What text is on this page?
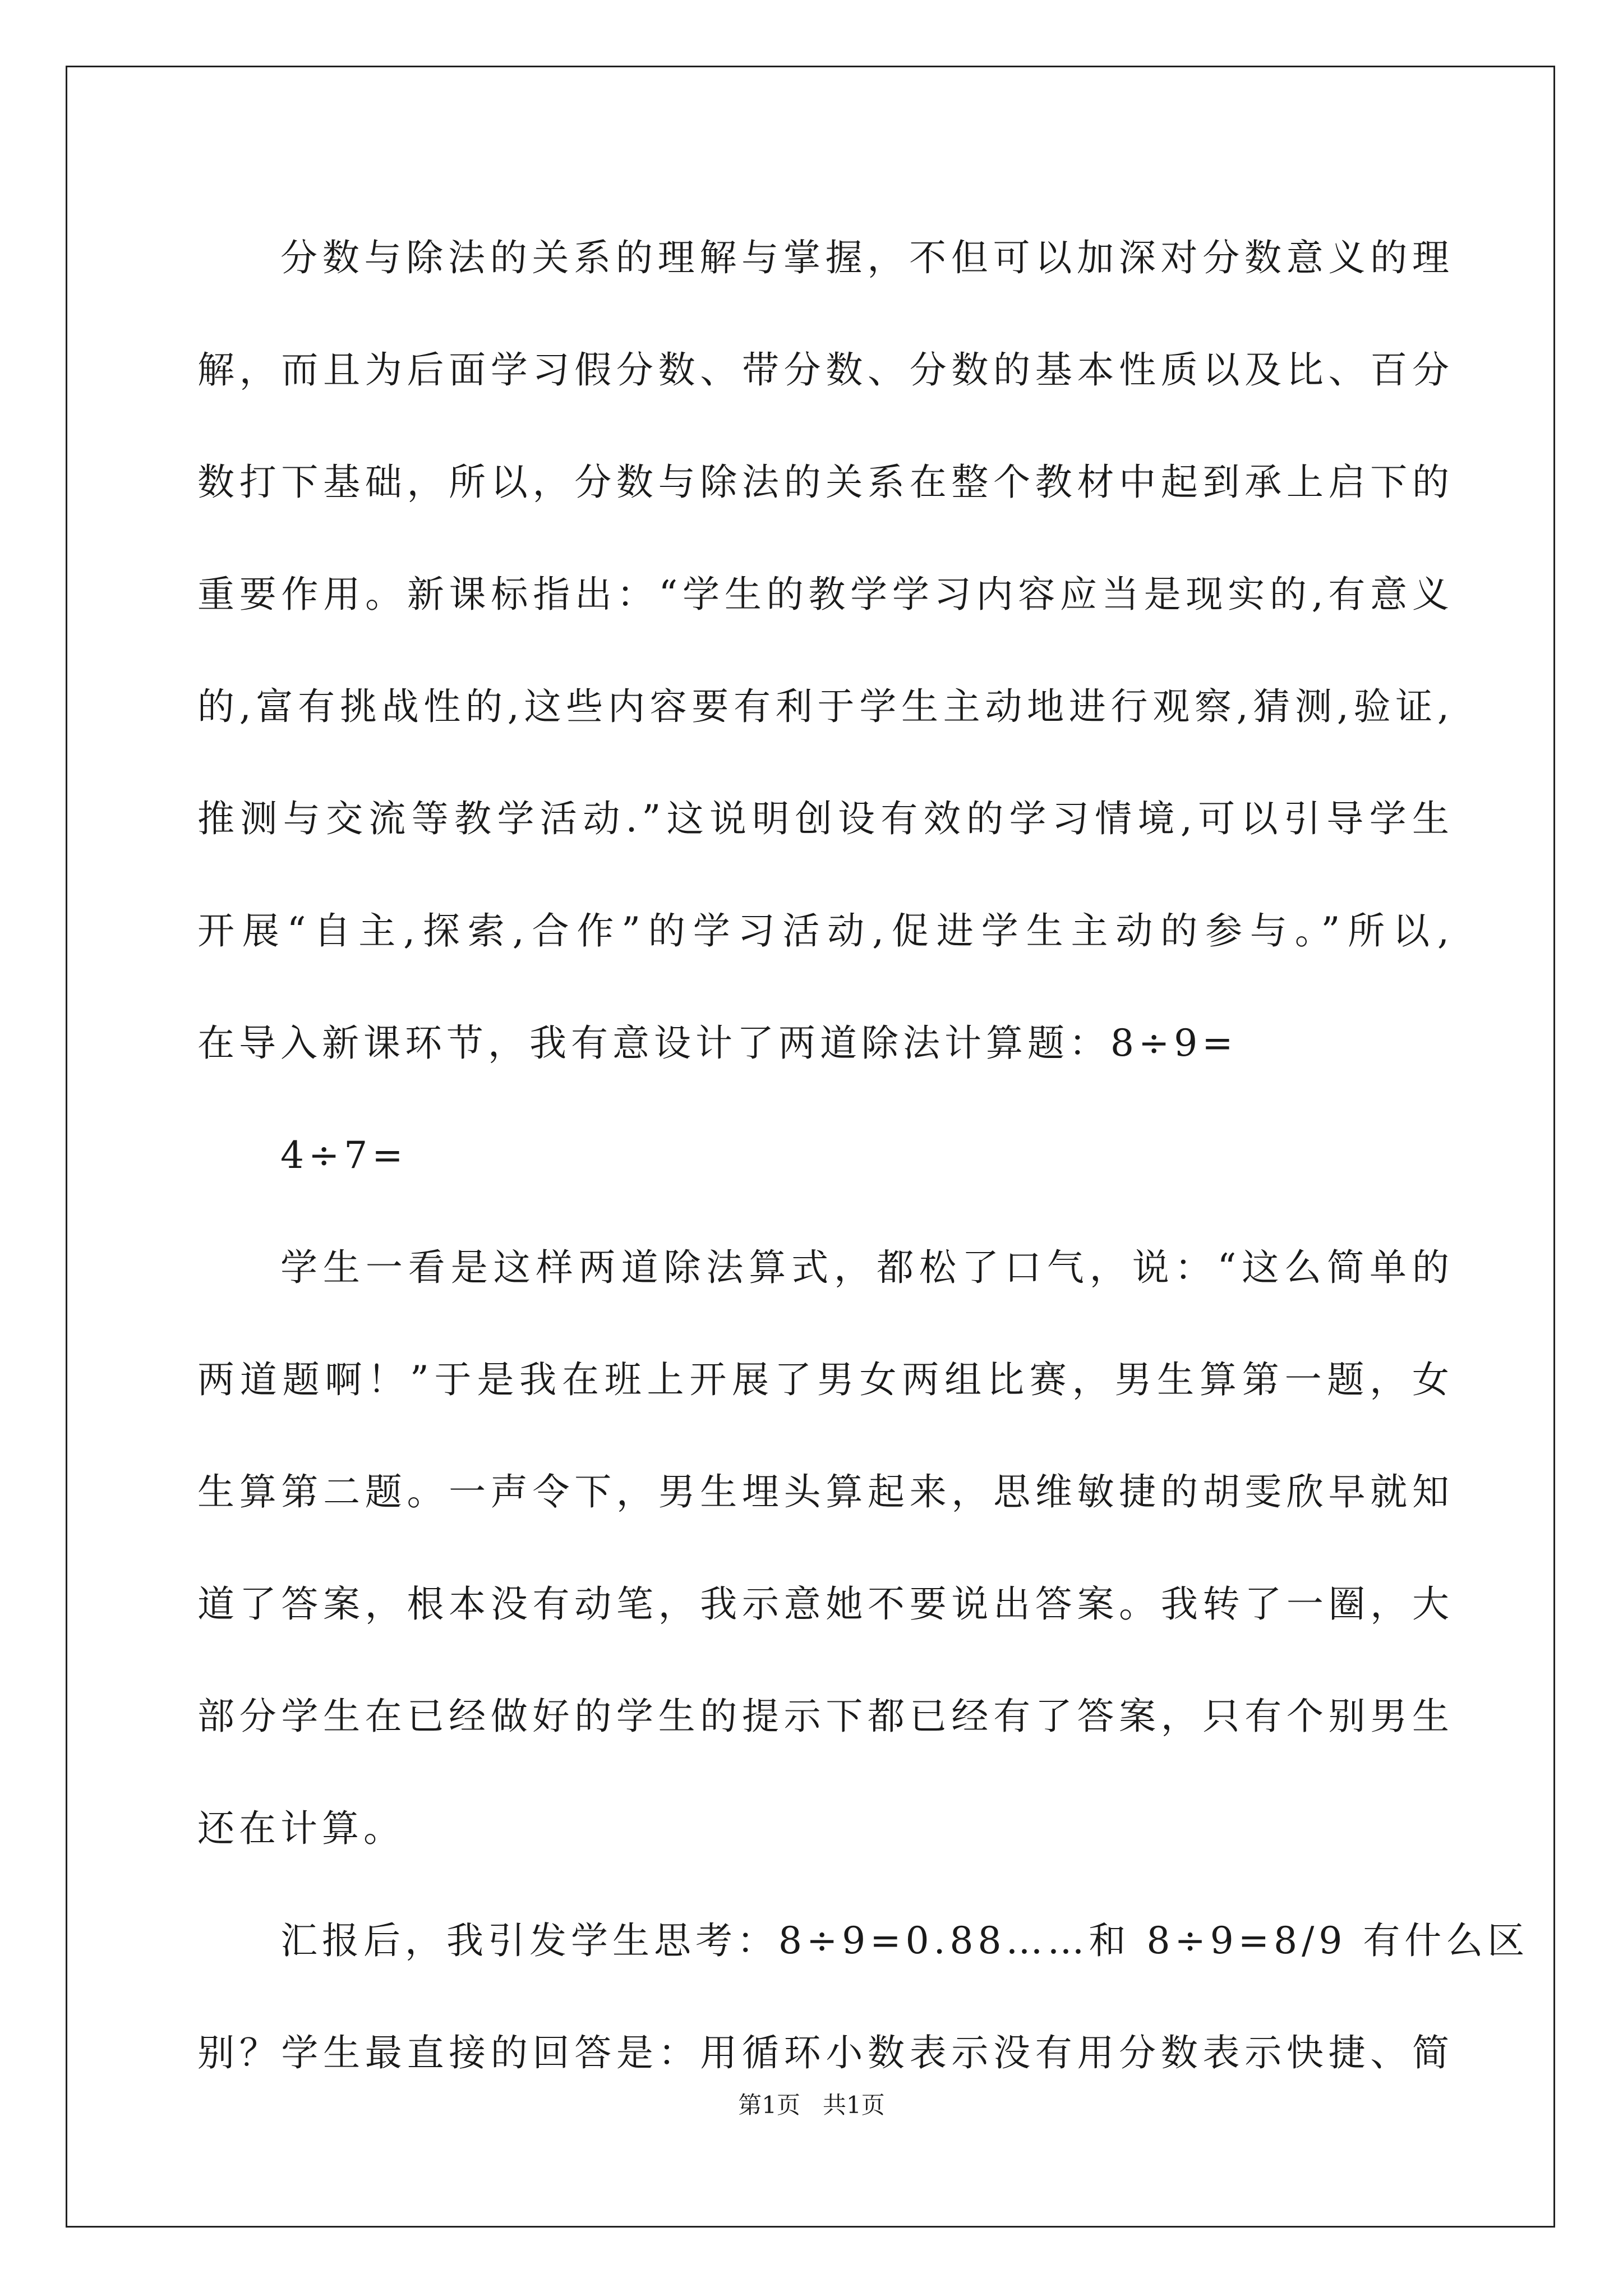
分数与除法的关系的理解与掌握，不但可以加深对分数意义的理
解，而且为后面学习假分数、带分数、分数的基本性质以及比、百分
数打下基础，所以，分数与除法的关系在整个教材中起到承上启下的
重要作用。新课标指出：“学生的教学学习内容应当是现实的,有意义
的,富有挑战性的,这些内容要有利于学生主动地进行观察,猜测,验证,
推测与交流等教学活动.”这说明创设有效的学习情境,可以引导学生
开展“自主,探索,合作”的学习活动,促进学生主动的参与。”所以,
在导入新课环节，我有意设计了两道除法计算题：8÷9=
4÷7=
学生一看是这样两道除法算式，都松了口气，说：“这么简单的
两道题啊！”于是我在班上开展了男女两组比赛，男生算第一题，女
生算第二题。一声令下，男生埋头算起来，思维敏捷的胡雯欣早就知
道了答案，根本没有动笔，我示意她不要说出答案。我转了一圈，大
部分学生在已经做好的学生的提示下都已经有了答案，只有个别男生
还在计算。
汇报后，我引发学生思考：8÷9=0.88……和 8÷9=8/9 有什么区
别？学生最直接的回答是：用循环小数表示没有用分数表示快捷、简
第1页 共1页
